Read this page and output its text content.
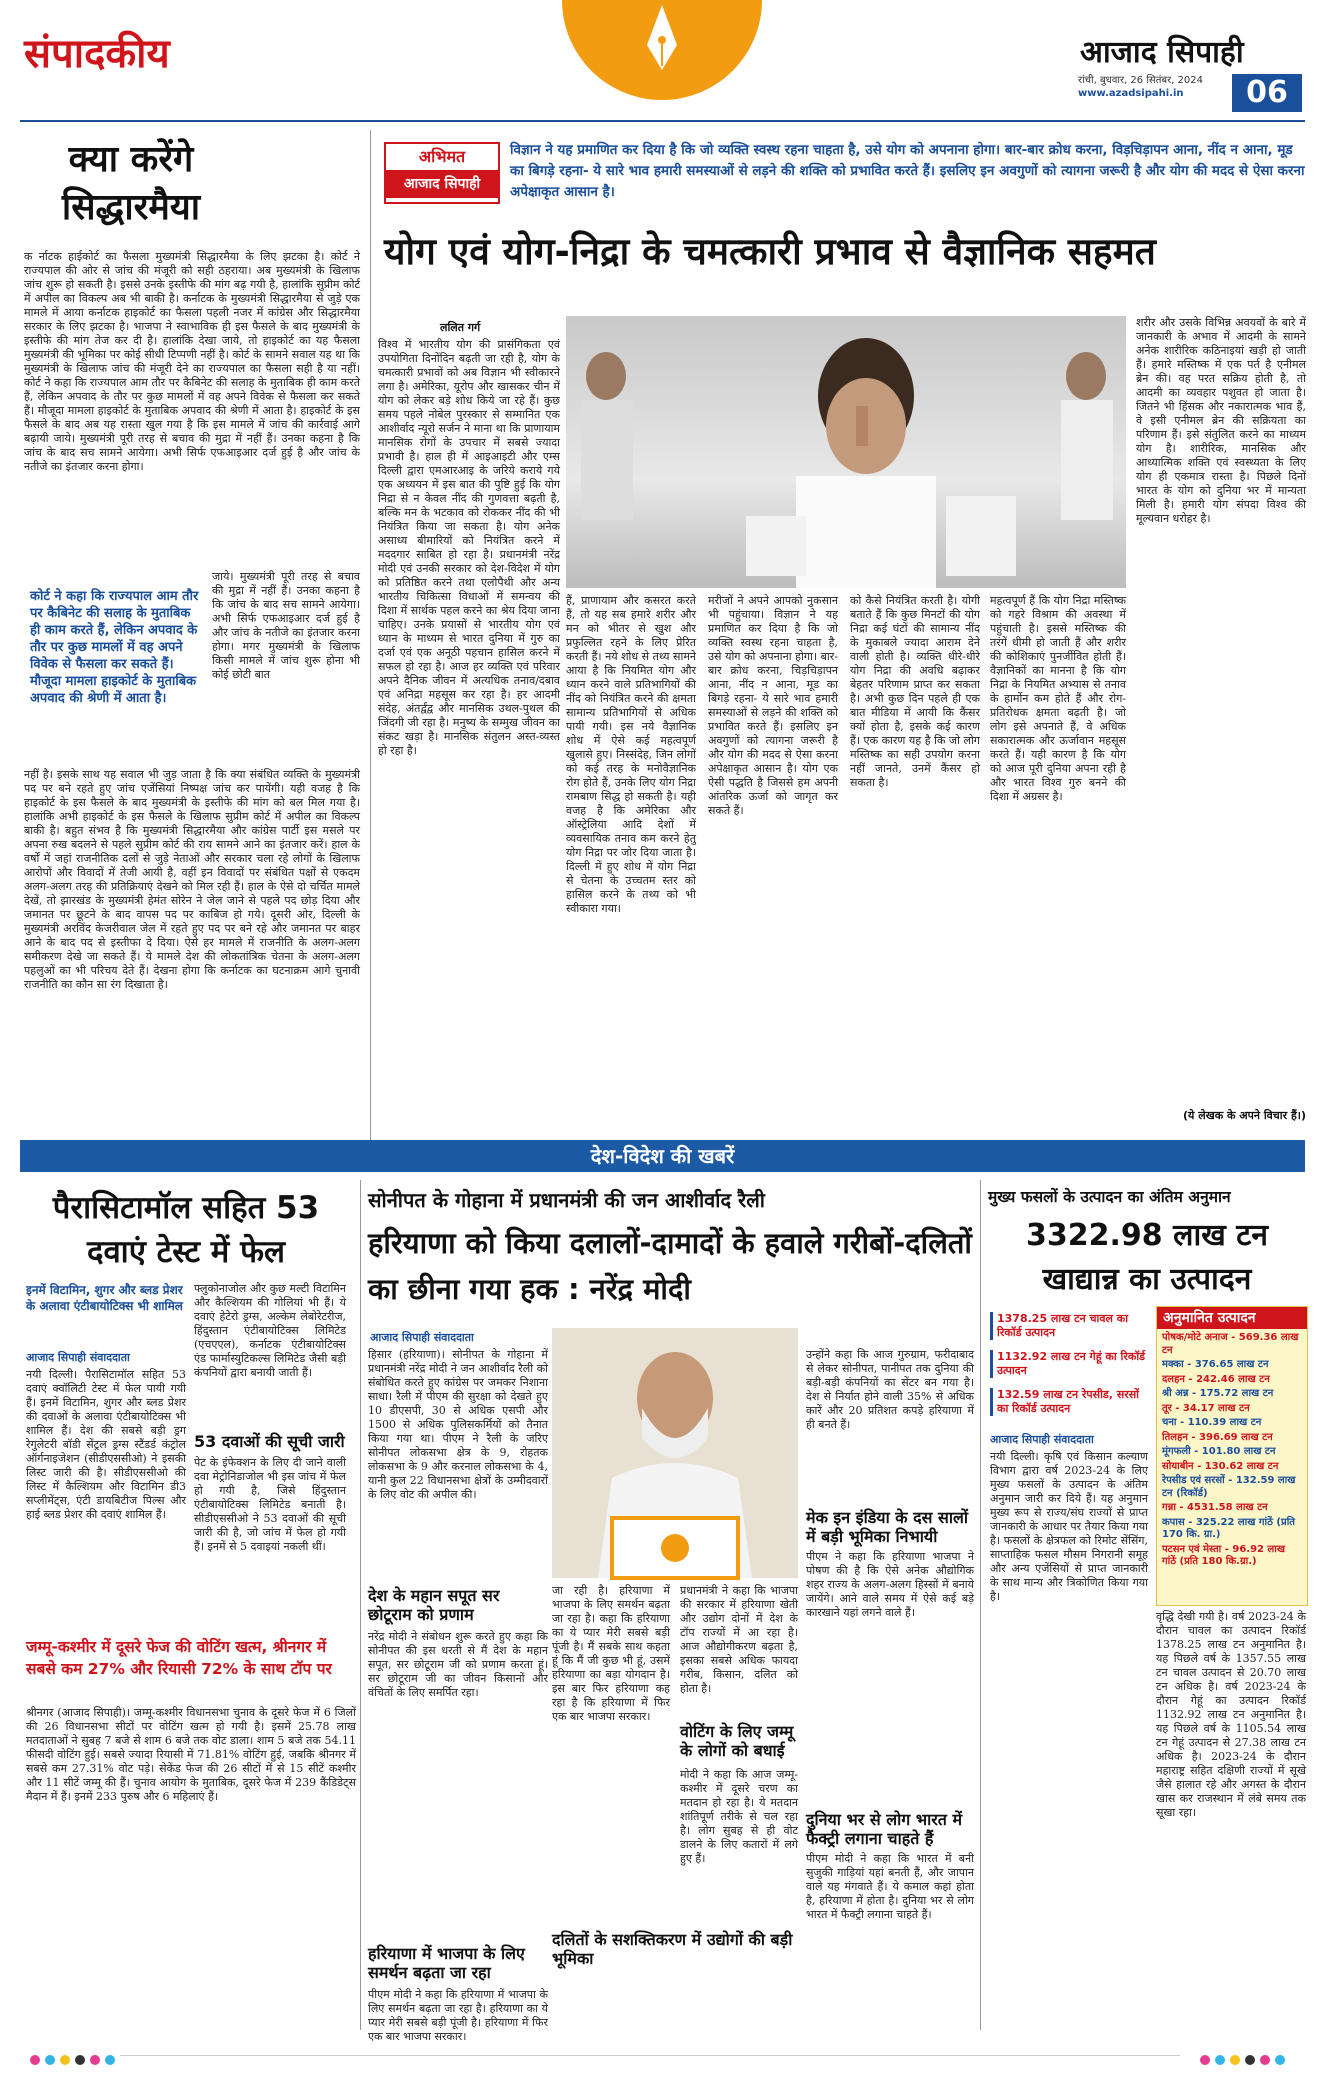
संपादकीय	आजाद सिपाही
रांची, बुधवार, 26 सितंबर, 2024
www.azadsipahi.in	06
क्या करेंगे सिद्धारमैया
क र्नाटक हाईकोर्ट का फैसला मुख्यमंत्री सिद्धारमैया के लिए झटका है। कोर्ट ने राज्यपाल की ओर से जांच की मंजूरी को सही ठहराया। अब मुख्यमंत्री के खिलाफ जांच शुरू हो सकती है। इससे उनके इस्तीफे की मांग बढ़ गयी है, हालांकि सुप्रीम कोर्ट में अपील का विकल्प अब भी बाकी है। कर्नाटक के मुख्यमंत्री सिद्धारमैया से जुड़े एक मामले में आया कर्नाटक हाइकोर्ट का फैसला पहली नजर में कांग्रेस और सिद्धारमैया सरकार के लिए झटका है। भाजपा ने स्वाभाविक ही इस फैसले के बाद मुख्यमंत्री के इस्तीफे की मांग तेज कर दी है। हालांकि देखा जाये, तो हाइकोर्ट का यह फैसला मुख्यमंत्री की भूमिका पर कोई सीधी टिप्पणी नहीं है। कोर्ट के सामने सवाल यह था कि मुख्यमंत्री के खिलाफ जांच की मंजूरी देने का राज्यपाल का फैसला सही है या नहीं। कोर्ट ने कहा कि राज्यपाल आम तौर पर कैबिनेट की सलाह के मुताबिक ही काम करते हैं, लेकिन अपवाद के तौर पर कुछ मामलों में वह अपने विवेक से फैसला कर सकते हैं। मौजूदा मामला हाइकोर्ट के मुताबिक अपवाद की श्रेणी में आता है। हाइकोर्ट के इस फैसले के बाद अब यह रास्ता खुल गया है कि इस मामले में जांच की कार्रवाई आगे बढ़ायी जाये। मुख्यमंत्री पूरी तरह से बचाव की मुद्रा में नहीं हैं। उनका कहना है कि जांच के बाद सच सामने आयेगा। अभी सिर्फ एफआइआर दर्ज हुई है और जांच के नतीजे का इंतजार करना होगा।
कोर्ट ने कहा कि राज्यपाल आम तौर पर कैबिनेट की सलाह के मुताबिक ही काम करते हैं, लेकिन अपवाद के तौर पर कुछ मामलों में वह अपने विवेक से फैसला कर सकते हैं। मौजूदा मामला हाइकोर्ट के मुताबिक अपवाद की श्रेणी में आता है।
जाये। मुख्यमंत्री पूरी तरह से बचाव की मुद्रा में नहीं हैं। उनका कहना है कि जांच के बाद सच सामने आयेगा। अभी सिर्फ एफआइआर दर्ज हुई है और जांच के नतीजे का इंतजार करना होगा। मगर मुख्यमंत्री के खिलाफ किसी मामले में जांच शुरू होना भी कोई छोटी बात
नहीं है। इसके साथ यह सवाल भी जुड़ जाता है कि क्या संबंधित व्यक्ति के मुख्यमंत्री पद पर बने रहते हुए जांच एजेंसियां निष्पक्ष जांच कर पायेंगी। यही वजह है कि हाइकोर्ट के इस फैसले के बाद मुख्यमंत्री के इस्तीफे की मांग को बल मिल गया है। हालांकि अभी हाइकोर्ट के इस फैसले के खिलाफ सुप्रीम कोर्ट में अपील का विकल्प बाकी है। बहुत संभव है कि मुख्यमंत्री सिद्धारमैया और कांग्रेस पार्टी इस मसले पर अपना रुख बदलने से पहले सुप्रीम कोर्ट की राय सामने आने का इंतजार करें। हाल के वर्षों में जहां राजनीतिक दलों से जुड़े नेताओं और सरकार चला रहे लोगों के खिलाफ आरोपों और विवादों में तेजी आयी है, वहीं इन विवादों पर संबंधित पक्षों से एकदम अलग-अलग तरह की प्रतिक्रियाएं देखने को मिल रही हैं। हाल के ऐसे दो चर्चित मामले देखें, तो झारखंड के मुख्यमंत्री हेमंत सोरेन ने जेल जाने से पहले पद छोड़ दिया और जमानत पर छूटने के बाद वापस पद पर काबिज हो गये। दूसरी ओर, दिल्ली के मुख्यमंत्री अरविंद केजरीवाल जेल में रहते हुए पद पर बने रहे और जमानत पर बाहर आने के बाद पद से इस्तीफा दे दिया। ऐसे हर मामले में राजनीति के अलग-अलग समीकरण देखे जा सकते हैं। ये मामले देश की लोकतांत्रिक चेतना के अलग-अलग पहलुओं का भी परिचय देते हैं। देखना होगा कि कर्नाटक का घटनाक्रम आगे चुनावी राजनीति का कौन सा रंग दिखाता है।
अभिमत
आजाद सिपाही
विज्ञान ने यह प्रमाणित कर दिया है कि जो व्यक्ति स्वस्थ रहना चाहता है, उसे योग को अपनाना होगा। बार-बार क्रोध करना, विड़चिड़ापन आना, नींद न आना, मूड का बिगड़े रहना- ये सारे भाव हमारी समस्याओं से लड़ने की शक्ति को प्रभावित करते हैं। इसलिए इन अवगुणों को त्यागना जरूरी है और योग की मदद से ऐसा करना अपेक्षाकृत आसान है।
योग एवं योग-निद्रा के चमत्कारी प्रभाव से वैज्ञानिक सहमत
ललित गर्ग
विश्व में भारतीय योग की प्रासंगिकता एवं उपयोगिता दिनोंदिन बढ़ती जा रही है, योग के चमत्कारी प्रभावों को अब विज्ञान भी स्वीकारने लगा है। अमेरिका, यूरोप और खासकर चीन में योग को लेकर बड़े शोध किये जा रहे हैं। कुछ समय पहले नोबेल पुरस्कार से सम्मानित एक आशीर्वाद न्यूरो सर्जन ने माना था कि प्राणायाम मानसिक रोगों के उपचार में सबसे ज्यादा प्रभावी है। हाल ही में आइआइटी और एम्स दिल्ली द्वारा एमआरआइ के जरिये कराये गये एक अध्ययन में इस बात की पुष्टि हुई कि योग निद्रा से न केवल नींद की गुणवत्ता बढ़ती है, बल्कि मन के भटकाव को रोककर नींद की भी नियंत्रित किया जा सकता है। योग अनेक असाध्य बीमारियों को नियंत्रित करने में मददगार साबित हो रहा है। प्रधानमंत्री नरेंद्र मोदी एवं उनकी सरकार को देश-विदेश में योग को प्रतिष्ठित करने तथा एलोपैथी और अन्य भारतीय चिकित्सा विधाओं में समन्वय की दिशा में सार्थक पहल करने का श्रेय दिया जाना चाहिए। उनके प्रयासों से भारतीय योग एवं ध्यान के माध्यम से भारत दुनिया में गुरु का दर्जा एवं एक अनूठी पहचान हासिल करने में सफल हो रहा है। आज हर व्यक्ति एवं परिवार अपने दैनिक जीवन में अत्यधिक तनाव/दबाव एवं अनिद्रा महसूस कर रहा है। हर आदमी संदेह, अंतर्द्वंद्व और मानसिक उथल-पुथल की जिंदगी जी रहा है। मनुष्य के सम्मुख जीवन का संकट खड़ा है। मानसिक संतुलन अस्त-व्यस्त हो रहा है।
हैं, प्राणायाम और कसरत करते हैं, तो यह सब हमारे शरीर और मन को भीतर से खुश और प्रफुल्लित रहने के लिए प्रेरित करती हैं। नये शोध से तथ्य सामने आया है कि नियमित योग और ध्यान करने वाले प्रतिभागियों की नींद को नियंत्रित करने की क्षमता सामान्य प्रतिभागियों से अधिक पायी गयी। इस नये वैज्ञानिक शोध में ऐसे कई महत्वपूर्ण खुलासे हुए। निस्संदेह, जिन लोगों को कई तरह के मनोवैज्ञानिक रोग होते हैं, उनके लिए योग निद्रा रामबाण सिद्ध हो सकती है। यही वजह है कि अमेरिका और ऑस्ट्रेलिया आदि देशों में व्यवसायिक तनाव कम करने हेतु योग निद्रा पर जोर दिया जाता है। दिल्ली में हुए शोध में योग निद्रा से चेतना के उच्चतम स्तर को हासिल करने के तथ्य को भी स्वीकारा गया।
मरीजों ने अपने आपको नुकसान भी पहुंचाया। विज्ञान ने यह प्रमाणित कर दिया है कि जो व्यक्ति स्वस्थ रहना चाहता है, उसे योग को अपनाना होगा। बार-बार क्रोध करना, चिड़चिड़ापन आना, नींद न आना, मूड का बिगड़े रहना- ये सारे भाव हमारी समस्याओं से लड़ने की शक्ति को प्रभावित करते हैं। इसलिए इन अवगुणों को त्यागना जरूरी है और योग की मदद से ऐसा करना अपेक्षाकृत आसान है। योग एक ऐसी पद्धति है जिससे हम अपनी आंतरिक ऊर्जा को जागृत कर सकते हैं।
को कैसे नियंत्रित करती है। योगी बताते हैं कि कुछ मिनटों की योग निद्रा कई घंटों की सामान्य नींद के मुकाबले ज्यादा आराम देने वाली होती है। व्यक्ति धीरे-धीरे योग निद्रा की अवधि बढ़ाकर बेहतर परिणाम प्राप्त कर सकता है। अभी कुछ दिन पहले ही एक बात मीडिया में आयी कि कैंसर क्यों होता है, इसके कई कारण हैं। एक कारण यह है कि जो लोग मस्तिष्क का सही उपयोग करना नहीं जानते, उनमें कैंसर हो सकता है।
शरीर और उसके विभिन्न अवयवों के बारे में जानकारी के अभाव में आदमी के सामने अनेक शारीरिक कठिनाइयां खड़ी हो जाती हैं। हमारे मस्तिष्क में एक पर्त है एनीमल ब्रेन की। वह परत सक्रिय होती है, तो आदमी का व्यवहार पशुवत हो जाता है। जितने भी हिंसक और नकारात्मक भाव हैं, वे इसी एनीमल ब्रेन की सक्रियता का परिणाम हैं। इसे संतुलित करने का माध्यम योग है। शारीरिक, मानसिक और आध्यात्मिक शक्ति एवं स्वस्थ्यता के लिए योग ही एकमात्र रास्ता है। पिछले दिनों भारत के योग को दुनिया भर में मान्यता मिली है। हमारी योग संपदा विश्व की मूल्यवान धरोहर है।
(ये लेखक के अपने विचार हैं।)
महत्वपूर्ण हैं कि योग निद्रा मस्तिष्क को गहरे विश्राम की अवस्था में पहुंचाती है। इससे मस्तिष्क की तरंगें धीमी हो जाती हैं और शरीर की कोशिकाएं पुनर्जीवित होती हैं। वैज्ञानिकों का मानना है कि योग निद्रा के नियमित अभ्यास से तनाव के हार्मोन कम होते हैं और रोग-प्रतिरोधक क्षमता बढ़ती है। जो लोग इसे अपनाते हैं, वे अधिक सकारात्मक और ऊर्जावान महसूस करते हैं। यही कारण है कि योग को आज पूरी दुनिया अपना रही है और भारत विश्व गुरु बनने की दिशा में अग्रसर है।
देश-विदेश की खबरें
पैरासिटामॉल सहित 53 दवाएं टेस्ट में फेल
इनमें विटामिन, शुगर और ब्लड प्रेशर के अलावा एंटीबायोटिक्स भी शामिल
आजाद सिपाही संवाददाता
नयी दिल्ली। पैरासिटामॉल सहित 53 दवाएं क्वॉलिटी टेस्ट में फेल पायी गयी हैं। इनमें विटामिन, शुगर और ब्लड प्रेशर की दवाओं के अलावा एंटीबायोटिक्स भी शामिल हैं। देश की सबसे बड़ी ड्रग रेगुलेटरी बॉडी सेंट्रल ड्रग्स स्टैंडर्ड कंट्रोल ऑर्गनाइजेशन (सीडीएससीओ) ने इसकी लिस्ट जारी की है। सीडीएससीओ की लिस्ट में कैल्शियम और विटामिन डी3 सप्लीमेंट्स, एंटी डायबिटीज पिल्स और हाई ब्लड प्रेशर की दवाएं शामिल हैं।
फ्लुकोनाजोल और कुछ मल्टी विटामिन और कैल्शियम की गोलियां भी हैं। ये दवाएं हेटेरो ड्रग्स, अल्केम लेबोरेटरीज, हिंदुस्तान एंटीबायोटिक्स लिमिटेड (एचएएल), कर्नाटक एंटीबायोटिक्स एंड फार्मास्युटिकल्स लिमिटेड जैसी बड़ी कंपनियों द्वारा बनायी जाती हैं।
53 दवाओं की सूची जारी
पेट के इंफेक्शन के लिए दी जाने वाली दवा मेट्रोनिडाजोल भी इस जांच में फेल हो गयी है, जिसे हिंदुस्तान एंटीबायोटिक्स लिमिटेड बनाती है। सीडीएससीओ ने 53 दवाओं की सूची जारी की है, जो जांच में फेल हो गयी हैं। इनमें से 5 दवाइयां नकली थीं।
जम्मू-कश्मीर में दूसरे फेज की वोटिंग खत्म, श्रीनगर में सबसे कम 27% और रियासी 72% के साथ टॉप पर
श्रीनगर (आजाद सिपाही)। जम्मू-कश्मीर विधानसभा चुनाव के दूसरे फेज में 6 जिलों की 26 विधानसभा सीटों पर वोटिंग खत्म हो गयी है। इसमें 25.78 लाख मतदाताओं ने सुबह 7 बजे से शाम 6 बजे तक वोट डाला। शाम 5 बजे तक 54.11 फीसदी वोटिंग हुई। सबसे ज्यादा रियासी में 71.81% वोटिंग हुई, जबकि श्रीनगर में सबसे कम 27.31% वोट पड़े। सेकेंड फेज की 26 सीटों में से 15 सीटें कश्मीर और 11 सीटें जम्मू की हैं। चुनाव आयोग के मुताबिक, दूसरे फेज में 239 कैंडिडेट्स मैदान में हैं। इनमें 233 पुरुष और 6 महिलाएं हैं।
सोनीपत के गोहाना में प्रधानमंत्री की जन आशीर्वाद रैली
हरियाणा को किया दलालों-दामादों के हवाले गरीबों-दलितों का छीना गया हक : नरेंद्र मोदी
आजाद सिपाही संवाददाता
हिसार (हरियाणा)। सोनीपत के गोहाना में प्रधानमंत्री नरेंद्र मोदी ने जन आशीर्वाद रैली को संबोधित करते हुए कांग्रेस पर जमकर निशाना साधा। रैली में पीएम की सुरक्षा को देखते हुए 10 डीएसपी, 30 से अधिक एसपी और 1500 से अधिक पुलिसकर्मियों को तैनात किया गया था। पीएम ने रैली के जरिए सोनीपत लोकसभा क्षेत्र के 9, रोहतक लोकसभा के 9 और करनाल लोकसभा के 4, यानी कुल 22 विधानसभा क्षेत्रों के उम्मीदवारों के लिए वोट की अपील की।
देश के महान सपूत सर छोटूराम को प्रणाम
नरेंद्र मोदी ने संबोधन शुरू करते हुए कहा कि सोनीपत की इस धरती से मैं देश के महान सपूत, सर छोटूराम जी को प्रणाम करता हूं। सर छोटूराम जी का जीवन किसानों और वंचितों के लिए समर्पित रहा।
हरियाणा में भाजपा के लिए समर्थन बढ़ता जा रहा
पीएम मोदी ने कहा कि हरियाणा में भाजपा के लिए समर्थन बढ़ता जा रहा है। हरियाणा का ये प्यार मेरी सबसे बड़ी पूंजी है। हरियाणा में फिर एक बार भाजपा सरकार।
जा रही है। हरियाणा में भाजपा के लिए समर्थन बढ़ता जा रहा है। कहा कि हरियाणा का ये प्यार मेरी सबसे बड़ी पूंजी है। मैं सबके साथ कहता हूं कि मैं जी कुछ भी हूं, उसमें हरियाणा का बड़ा योगदान है। इस बार फिर हरियाणा कह रहा है कि हरियाणा में फिर एक बार भाजपा सरकार।
वोटिंग के लिए जम्मू के लोगों को बधाई
मोदी ने कहा कि आज जम्मू-कश्मीर में दूसरे चरण का मतदान हो रहा है। ये मतदान शांतिपूर्ण तरीके से चल रहा है। लोग सुबह से ही वोट डालने के लिए कतारों में लगे हुए हैं।
दलितों के सशक्तिकरण में उद्योगों की बड़ी भूमिका
प्रधानमंत्री ने कहा कि भाजपा की सरकार में हरियाणा खेती और उद्योग दोनों में देश के टॉप राज्यों में आ रहा है। आज औद्योगीकरण बढ़ता है, इसका सबसे अधिक फायदा गरीब, किसान, दलित को होता है।
उन्होंने कहा कि आज गुरुग्राम, फरीदाबाद से लेकर सोनीपत, पानीपत तक दुनिया की बड़ी-बड़ी कंपनियों का सेंटर बन गया है। देश से निर्यात होने वाली 35% से अधिक कारें और 20 प्रतिशत कपड़े हरियाणा में ही बनते हैं।
मेक इन इंडिया के दस सालों में बड़ी भूमिका निभायी
पीएम ने कहा कि हरियाणा भाजपा ने पोषण की है कि ऐसे अनेक औद्योगिक शहर राज्य के अलग-अलग हिस्सों में बनाये जायेंगे। आने वाले समय में ऐसे कई बड़े कारखाने यहां लगने वाले हैं।
दुनिया भर से लोग भारत में फैक्ट्री लगाना चाहते हैं
पीएम मोदी ने कहा कि भारत में बनी सुजुकी गाड़ियां यहां बनती हैं, और जापान वाले यह मंगवाते हैं। ये कमाल कहां होता है, हरियाणा में होता है। दुनिया भर से लोग भारत में फैक्ट्री लगाना चाहते हैं।
मुख्य फसलों के उत्पादन का अंतिम अनुमान
3322.98 लाख टन खाद्यान्न का उत्पादन
1378.25 लाख टन चावल का रिकॉर्ड उत्पादन
1132.92 लाख टन गेहूं का रिकॉर्ड उत्पादन
132.59 लाख टन रेपसीड, सरसों का रिकॉर्ड उत्पादन
अनुमानित उत्पादन
पोषक/मोटे अनाज - 569.36 लाख टन
मक्का - 376.65 लाख टन
दलहन - 242.46 लाख टन
श्री अन्न - 175.72 लाख टन
तूर - 34.17 लाख टन
चना - 110.39 लाख टन
तिलहन - 396.69 लाख टन
मूंगफली - 101.80 लाख टन
सोयाबीन - 130.62 लाख टन
रेपसीड एवं सरसों - 132.59 लाख टन (रिकॉर्ड)
गन्ना - 4531.58 लाख टन
कपास - 325.22 लाख गांठें (प्रति 170 कि. ग्रा.)
पटसन एवं मेस्ता - 96.92 लाख गांठें (प्रति 180 कि.ग्रा.)
आजाद सिपाही संवाददाता
नयी दिल्ली। कृषि एवं किसान कल्याण विभाग द्वारा वर्ष 2023-24 के लिए मुख्य फसलों के उत्पादन के अंतिम अनुमान जारी कर दिये हैं। यह अनुमान मुख्य रूप से राज्य/संघ राज्यों से प्राप्त जानकारी के आधार पर तैयार किया गया है। फसलों के क्षेत्रफल को रिमोट सेंसिंग, साप्ताहिक फसल मौसम निगरानी समूह और अन्य एजेंसियों से प्राप्त जानकारी के साथ मान्य और त्रिकोणित किया गया है।
वृद्धि देखी गयी है। वर्ष 2023-24 के दौरान चावल का उत्पादन रिकॉर्ड 1378.25 लाख टन अनुमानित है। यह पिछले वर्ष के 1357.55 लाख टन चावल उत्पादन से 20.70 लाख टन अधिक है। वर्ष 2023-24 के दौरान गेहूं का उत्पादन रिकॉर्ड 1132.92 लाख टन अनुमानित है। यह पिछले वर्ष के 1105.54 लाख टन गेहूं उत्पादन से 27.38 लाख टन अधिक है। 2023-24 के दौरान महाराष्ट्र सहित दक्षिणी राज्यों में सूखे जैसे हालात रहे और अगस्त के दौरान खास कर राजस्थान में लंबे समय तक सूखा रहा।
